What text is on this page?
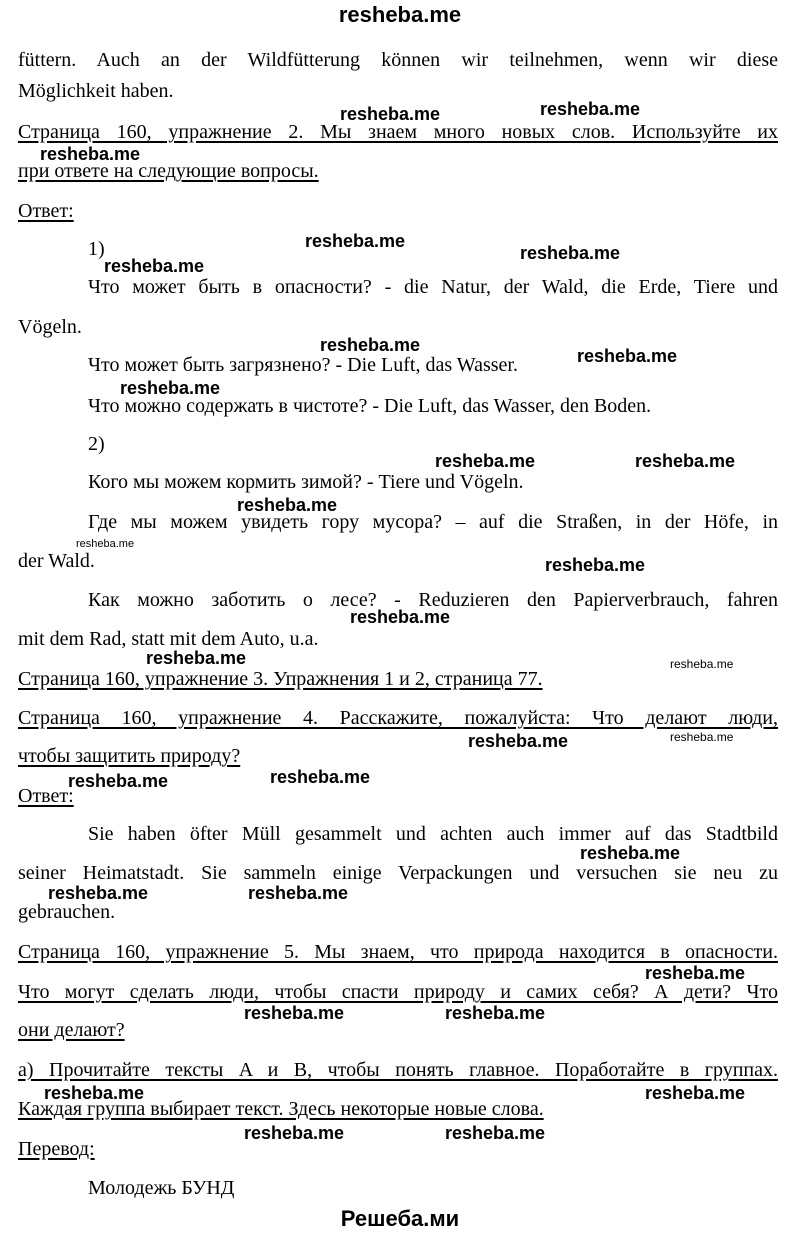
resheba.me
füttern. Auch an der Wildfütterung können wir teilnehmen, wenn wir diese
Möglichkeit haben.
Страница 160, упражнение 2. Мы знаем много новых слов. Используйте их
при ответе на следующие вопросы.
Ответ:
1)
Что может быть в опасности? - die Natur, der Wald, die Erde, Tiere und
Vögeln.
Что может быть загрязнено? - Die Luft, das Wasser.
Что можно содержать в чистоте? - Die Luft, das Wasser, den Boden.
2)
Кого мы можем кормить зимой? - Tiere und Vögeln.
Где мы можем увидеть гору мусора? – auf die Straßen, in der Höfe, in
der Wald.
Как можно заботить о лесе? - Reduzieren den Papierverbrauch, fahren
mit dem Rad, statt mit dem Auto, u.a.
Страница 160, упражнение 3. Упражнения 1 и 2, страница 77.
Страница 160, упражнение 4. Расскажите, пожалуйста: Что делают люди,
чтобы защитить природу?
Ответ:
Sie haben öfter Müll gesammelt und achten auch immer auf das Stadtbild
seiner Heimatstadt. Sie sammeln einige Verpackungen und versuchen sie neu zu
gebrauchen.
Страница 160, упражнение 5. Мы знаем, что природа находится в опасности.
Что могут сделать люди, чтобы спасти природу и самих себя? А дети? Что
они делают?
a) Прочитайте тексты A и B, чтобы понять главное. Поработайте в группах.
Каждая группа выбирает текст. Здесь некоторые новые слова.
Перевод:
Молодежь БУНД
resheba.me	resheba.me
resheba.me
resheba.me
resheba.me
resheba.me
resheba.me
resheba.me
resheba.me
resheba.me	resheba.me
resheba.me
resheba.me
resheba.me
resheba.me
resheba.me	resheba.me
resheba.me	resheba.me
resheba.me	resheba.me
resheba.me
resheba.me	resheba.me
resheba.me
resheba.me	resheba.me
resheba.me	resheba.me
resheba.me	resheba.me
Решеба.ми
